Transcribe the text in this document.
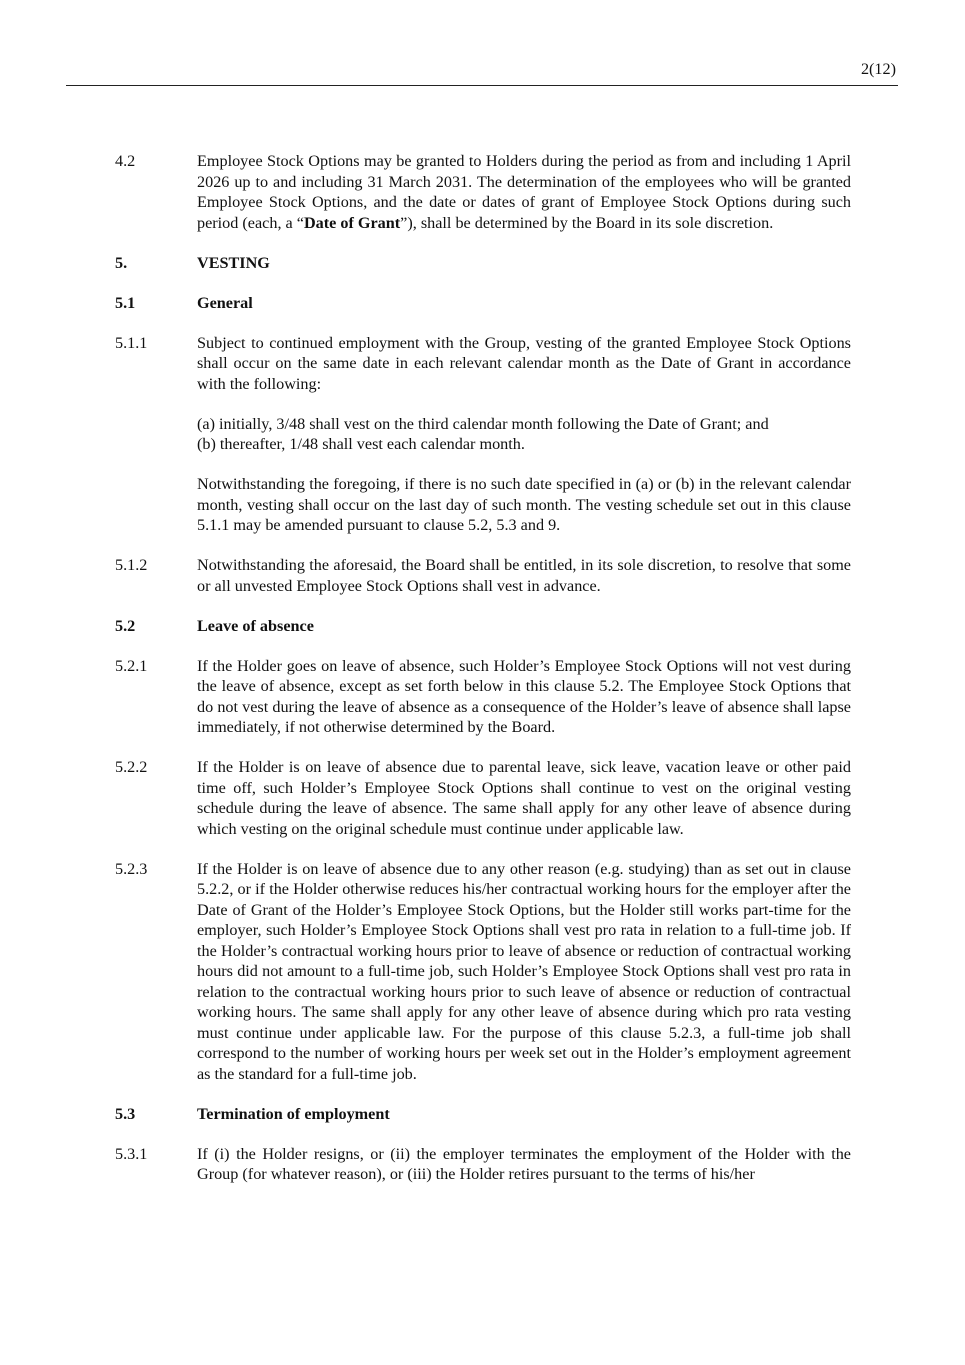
2(12)
4.2	Employee Stock Options may be granted to Holders during the period as from and including 1 April 2026 up to and including 31 March 2031. The determination of the employees who will be granted Employee Stock Options, and the date or dates of grant of Employee Stock Options during such period (each, a “Date of Grant”), shall be determined by the Board in its sole discretion.
5.	VESTING
5.1	General
5.1.1	Subject to continued employment with the Group, vesting of the granted Employee Stock Options shall occur on the same date in each relevant calendar month as the Date of Grant in accordance with the following:

(a) initially, 3/48 shall vest on the third calendar month following the Date of Grant; and
(b) thereafter, 1/48 shall vest each calendar month.

Notwithstanding the foregoing, if there is no such date specified in (a) or (b) in the relevant calendar month, vesting shall occur on the last day of such month. The vesting schedule set out in this clause 5.1.1 may be amended pursuant to clause 5.2, 5.3 and 9.

5.1.2	Notwithstanding the aforesaid, the Board shall be entitled, in its sole discretion, to resolve that some or all unvested Employee Stock Options shall vest in advance.
5.2	Leave of absence
5.2.1	If the Holder goes on leave of absence, such Holder’s Employee Stock Options will not vest during the leave of absence, except as set forth below in this clause 5.2. The Employee Stock Options that do not vest during the leave of absence as a consequence of the Holder’s leave of absence shall lapse immediately, if not otherwise determined by the Board.
5.2.2	If the Holder is on leave of absence due to parental leave, sick leave, vacation leave or other paid time off, such Holder’s Employee Stock Options shall continue to vest on the original vesting schedule during the leave of absence. The same shall apply for any other leave of absence during which vesting on the original schedule must continue under applicable law.
5.2.3	If the Holder is on leave of absence due to any other reason (e.g. studying) than as set out in clause 5.2.2, or if the Holder otherwise reduces his/her contractual working hours for the employer after the Date of Grant of the Holder’s Employee Stock Options, but the Holder still works part-time for the employer, such Holder’s Employee Stock Options shall vest pro rata in relation to a full-time job. If the Holder’s contractual working hours prior to leave of absence or reduction of contractual working hours did not amount to a full-time job, such Holder’s Employee Stock Options shall vest pro rata in relation to the contractual working hours prior to such leave of absence or reduction of contractual working hours. The same shall apply for any other leave of absence during which pro rata vesting must continue under applicable law. For the purpose of this clause 5.2.3, a full-time job shall correspond to the number of working hours per week set out in the Holder’s employment agreement as the standard for a full-time job.
5.3	Termination of employment
5.3.1	If (i) the Holder resigns, or (ii) the employer terminates the employment of the Holder with the Group (for whatever reason), or (iii) the Holder retires pursuant to the terms of his/her
